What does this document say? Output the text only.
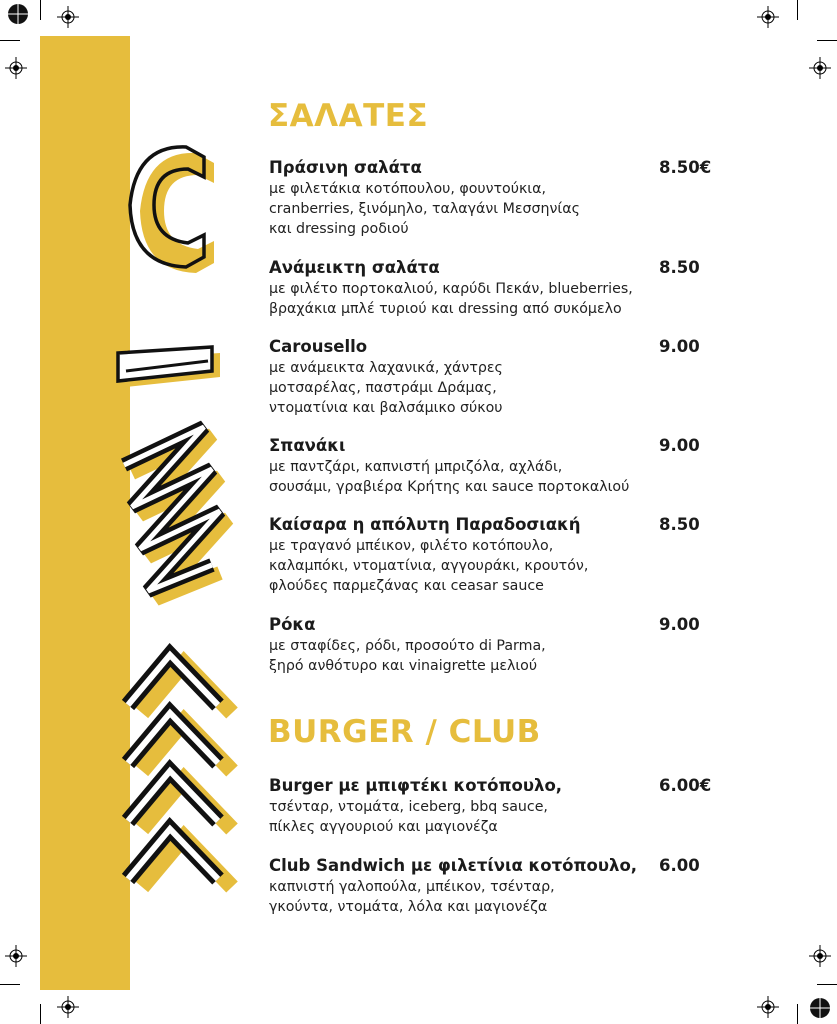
ΣΑΛΑΤΕΣ
Πράσινη σαλάτα	8.50€
με φιλετάκια κοτόπουλου, φουντούκια,
cranberries, ξινόμηλο, ταλαγάνι Μεσσηνίας
και dressing ροδιού
Ανάμεικτη σαλάτα	8.50
με φιλέτο πορτοκαλιού, καρύδι Πεκάν, blueberries,
βραχάκια μπλέ τυριού και dressing από συκόμελο
Carousello	9.00
με ανάμεικτα λαχανικά, χάντρες
μοτσαρέλας, παστράμι Δράμας,
ντοματίνια και βαλσάμικο σύκου
Σπανάκι	9.00
με παντζάρι, καπνιστή μπριζόλα, αχλάδι,
σουσάμι, γραβιέρα Κρήτης και sauce πορτοκαλιού
Καίσαρα η απόλυτη Παραδοσιακή	8.50
με τραγανό μπέικον, φιλέτο κοτόπουλο,
καλαμπόκι, ντοματίνια, αγγουράκι, κρουτόν,
φλούδες παρμεζάνας και ceasar sauce
Ρόκα	9.00
με σταφίδες, ρόδι, προσούτο di Parma,
ξηρό ανθότυρο και vinaigrette μελιού
BURGER / CLUB
Burger με μπιφτέκι κοτόπουλο,	6.00€
τσένταρ, ντομάτα, iceberg, bbq sauce,
πίκλες αγγουριού και μαγιονέζα
Club Sandwich με φιλετίνια κοτόπουλο, 6.00
καπνιστή γαλοπούλα, μπέικον, τσένταρ,
γκούντα, ντομάτα, λόλα και μαγιονέζα
